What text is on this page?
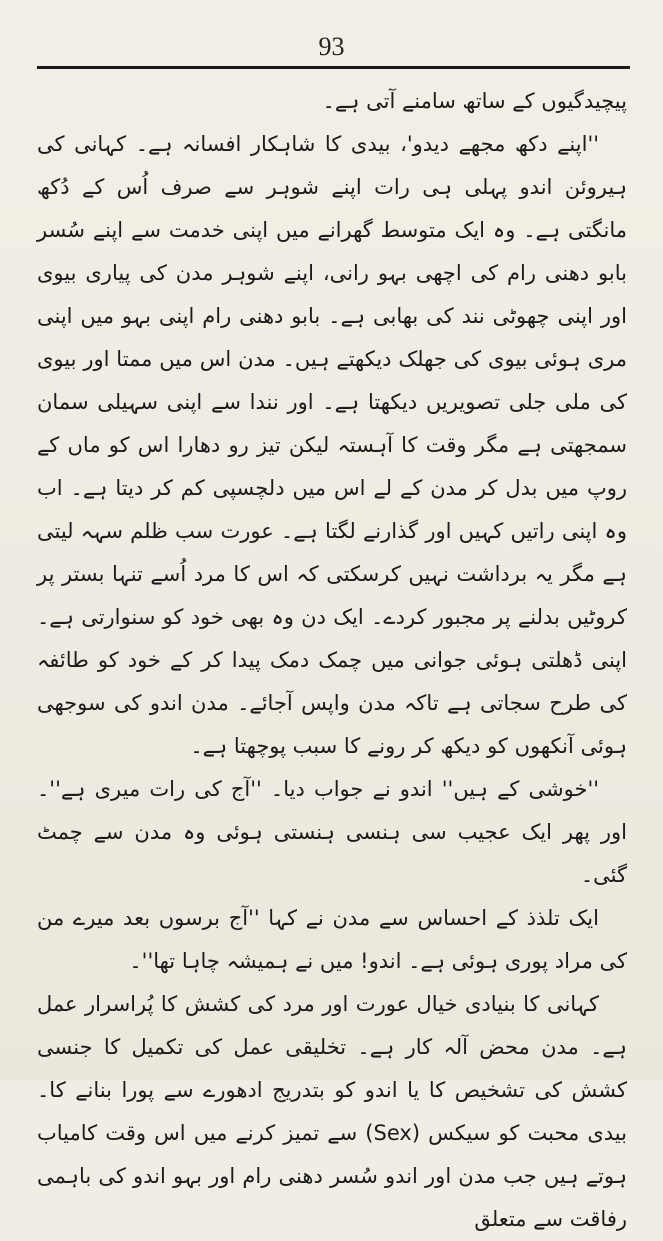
93

پیچیدگیوں کے ساتھ سامنے آتی ہے۔

''اپنے دکھ مجھے دیدو'، بیدی کا شاہکار افسانہ ہے۔ کہانی کی ہیروئن اندو پہلی ہی رات اپنے شوہر سے صرف اُس کے دُکھ مانگتی ہے۔ وہ ایک متوسط گھرانے میں اپنی خدمت سے اپنے سُسر بابو دھنی رام کی اچھی بہو رانی، اپنے شوہر مدن کی پیاری بیوی اور اپنی چھوٹی نند کی بھابی ہے۔ بابو دھنی رام اپنی بہو میں اپنی مری ہوئی بیوی کی جھلک دیکھتے ہیں۔ مدن اس میں ممتا اور بیوی کی ملی جلی تصویریں دیکھتا ہے۔ اور نندا سے اپنی سہیلی سمان سمجھتی ہے مگر وقت کا آہستہ لیکن تیز رو دھارا اس کو ماں کے روپ میں بدل کر مدن کے لے اس میں دلچسپی کم کر دیتا ہے۔ اب وہ اپنی راتیں کہیں اور گذارنے لگتا ہے۔ عورت سب ظلم سہہ لیتی ہے مگر یہ برداشت نہیں کرسکتی کہ اس کا مرد اُسے تنہا بستر پر کروٹیں بدلنے پر مجبور کردے۔ ایک دن وہ بھی خود کو سنوارتی ہے۔ اپنی ڈھلتی ہوئی جوانی میں چمک دمک پیدا کر کے خود کو طائفہ کی طرح سجاتی ہے تاکہ مدن واپس آجائے۔ مدن اندو کی سوجھی ہوئی آنکھوں کو دیکھ کر رونے کا سبب پوچھتا ہے۔

''خوشی کے ہیں'' اندو نے جواب دیا۔ ''آج کی رات میری ہے''۔ اور پھر ایک عجیب سی ہنسی ہنستی ہوئی وہ مدن سے چمٹ گئی۔

ایک تلذذ کے احساس سے مدن نے کہا ''آج برسوں بعد میرے من کی مراد پوری ہوئی ہے۔ اندو! میں نے ہمیشہ چاہا تھا''۔

کہانی کا بنیادی خیال عورت اور مرد کی کشش کا پُراسرار عمل ہے۔ مدن محض آلہ کار ہے۔ تخلیقی عمل کی تکمیل کا جنسی کشش کی تشخیص کا یا اندو کو بتدریج ادھورے سے پورا بنانے کا۔ بیدی محبت کو سیکس (Sex) سے تمیز کرنے میں اس وقت کامیاب ہوتے ہیں جب مدن اور اندو سُسر دھنی رام اور بہو اندو کی باہمی رفاقت سے متعلق
